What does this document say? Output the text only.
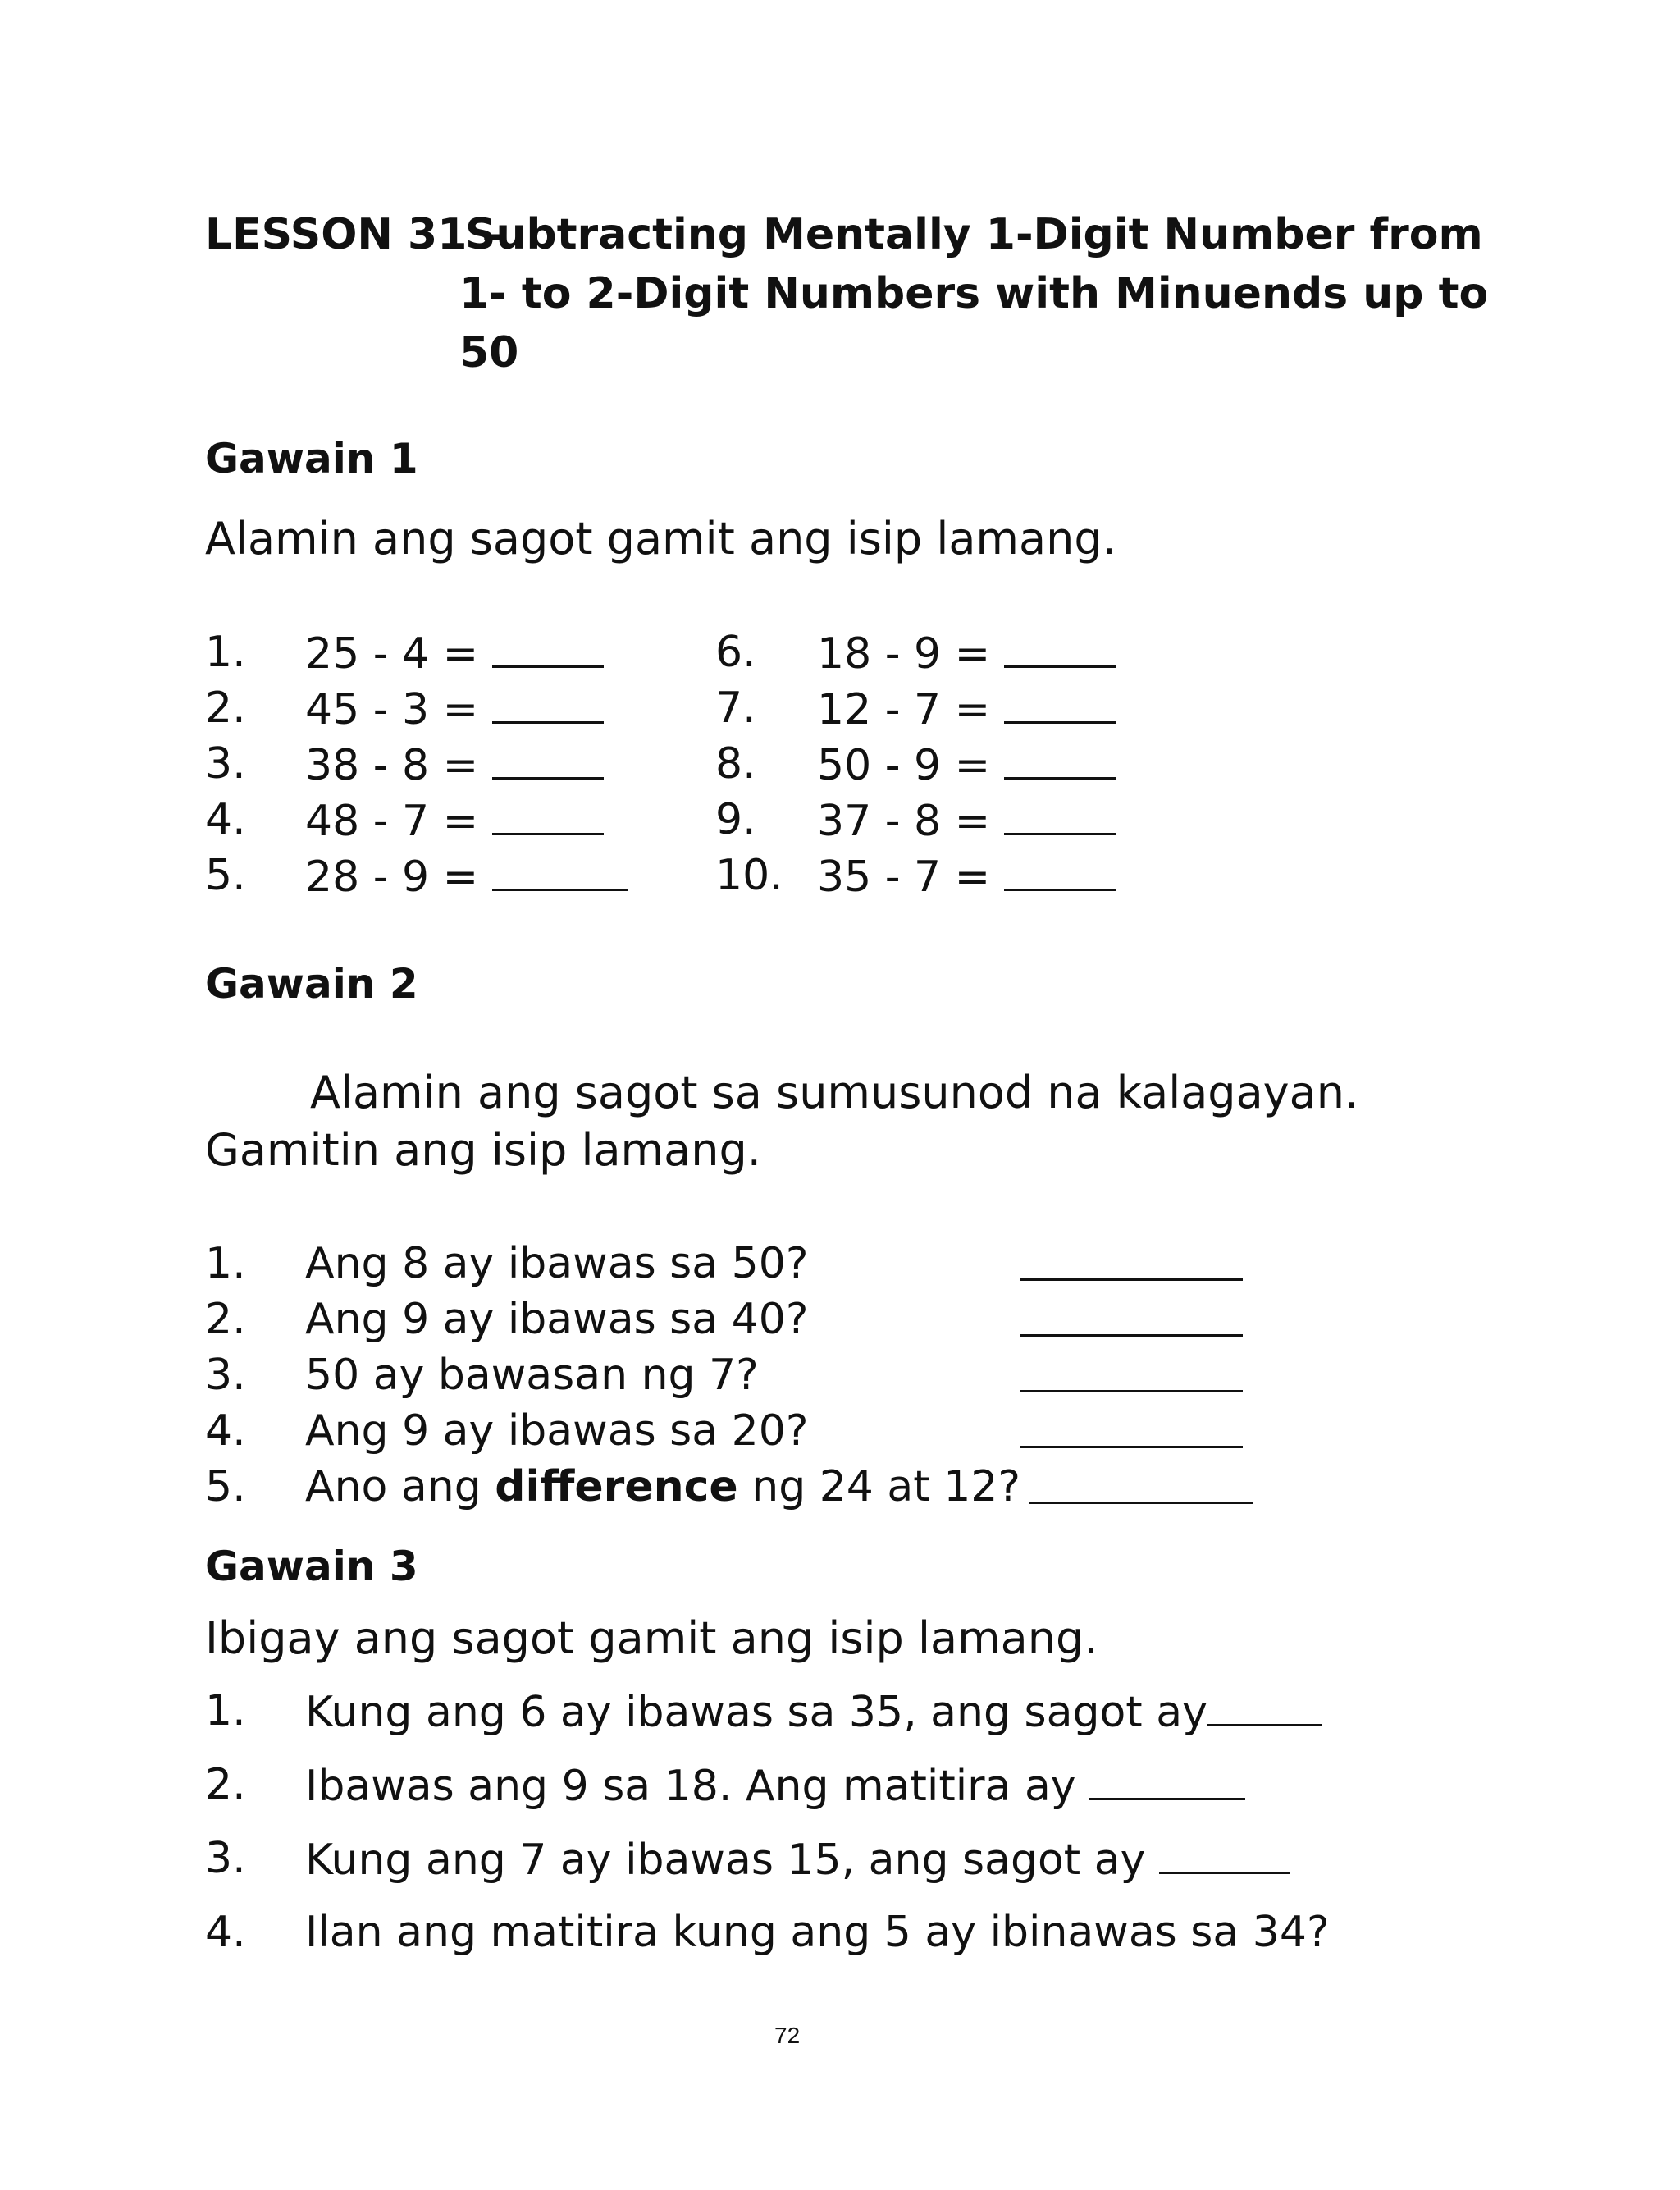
LESSON 31 –
Subtracting Mentally 1-Digit Number from
1- to 2-Digit Numbers with Minuends up to
50
Gawain 1
Alamin ang sagot gamit ang isip lamang.
1. 25 - 4 =
2. 45 - 3 =
3. 38 - 8 =
4. 48 - 7 =
5. 28 - 9 =
6. 18 - 9 =
7. 12 - 7 =
8. 50 - 9 =
9. 37 - 8 =
10. 35 - 7 =
Gawain 2
Alamin ang sagot sa sumusunod na kalagayan.
Gamitin ang isip lamang.
1. Ang 8 ay ibawas sa 50?
2. Ang 9 ay ibawas sa 40?
3. 50 ay bawasan ng 7?
4. Ang 9 ay ibawas sa 20?
5. Ano ang difference ng 24 at 12?
Gawain 3
Ibigay ang sagot gamit ang isip lamang.
1. Kung ang 6 ay ibawas sa 35, ang sagot ay
2. Ibawas ang 9 sa 18. Ang matitira ay
3. Kung ang 7 ay ibawas 15, ang sagot ay
4. Ilan ang matitira kung ang 5 ay ibinawas sa 34?
72
